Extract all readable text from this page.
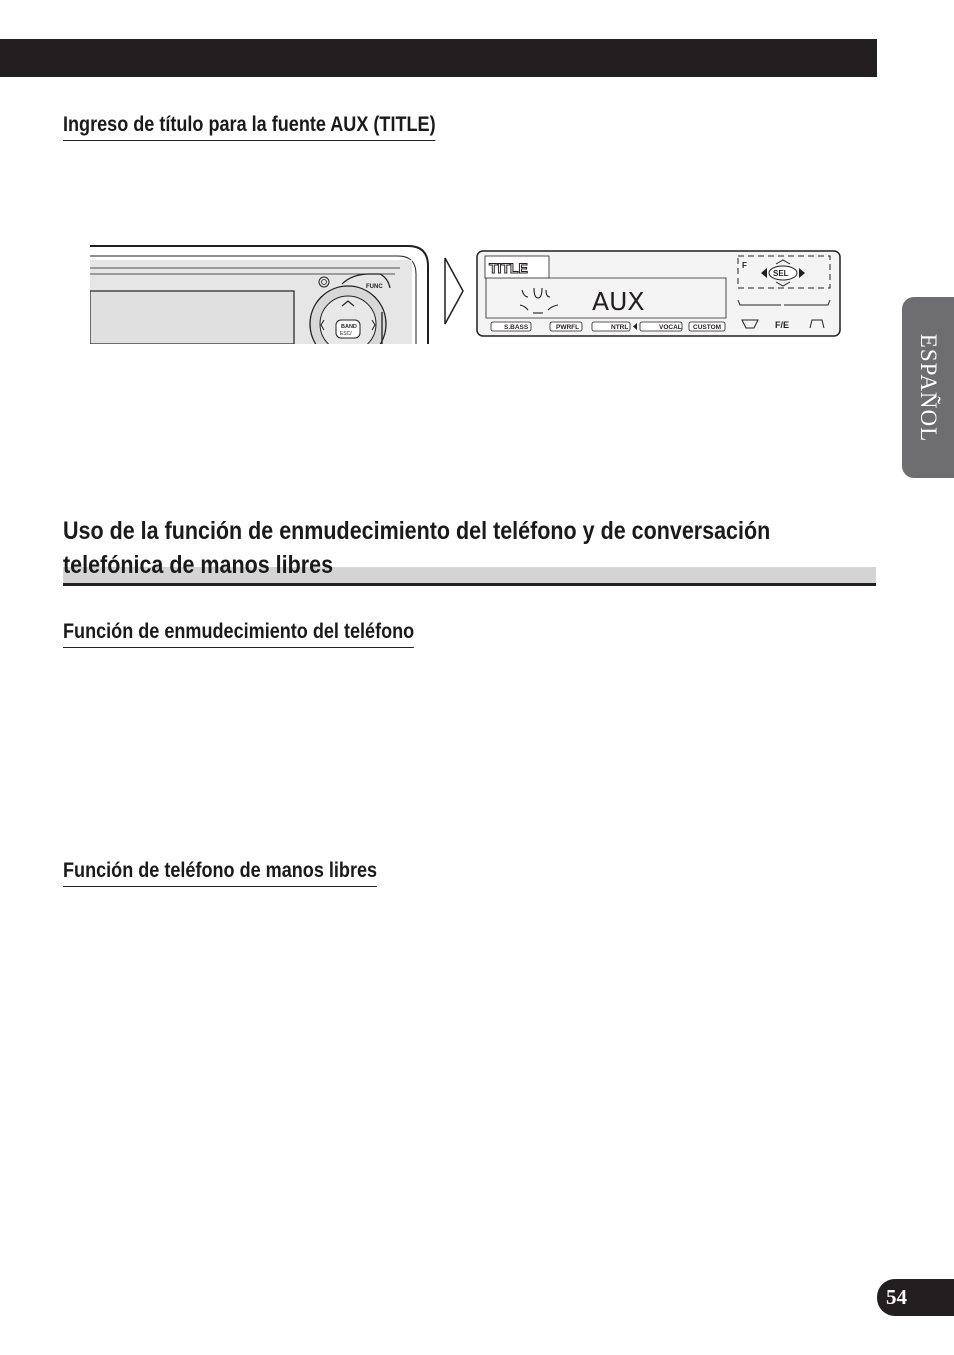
Ingreso de título para la fuente AUX (TITLE)
FUNC
BAND
ESC/
TITLE
AUX
F
SEL
F/E
S.BASS	PWRFL	NTRL	VOCAL CUSTOM
Uso de la función de enmudecimiento del teléfono y de conversación
telefónica de manos libres
Función de enmudecimiento del teléfono
Función de teléfono de manos libres
ESPAÑOL
54
